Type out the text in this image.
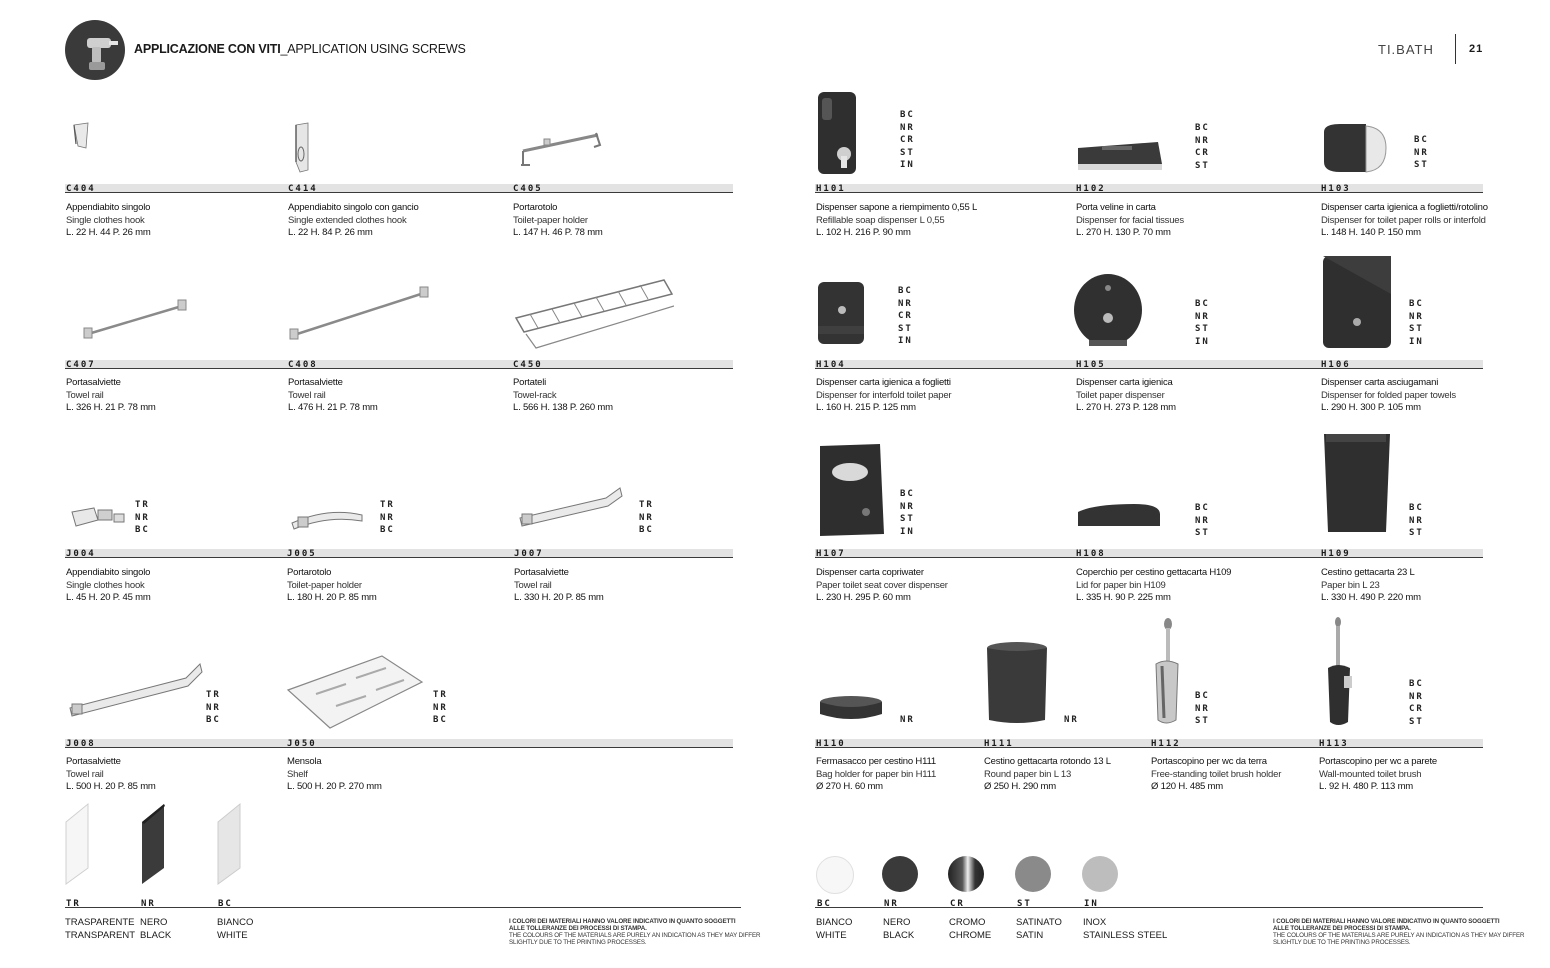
APPLICAZIONE CON VITI_APPLICATION USING SCREWS	TI.BATH	21
C404
Appendiabito singolo
Single clothes hook
L. 22 H. 44 P. 26 mm
C414
Appendiabito singolo con gancio
Single extended clothes hook
L. 22 H. 84 P. 26 mm
C405
Portarotolo
Toilet-paper holder
L. 147 H. 46 P. 78 mm
C407
Portasalviette
Towel rail
L. 326 H. 21 P. 78 mm
C408
Portasalviette
Towel rail
L. 476 H. 21 P. 78 mm
C450
Portateli
Towel-rack
L. 566 H. 138 P. 260 mm
J004
Appendiabito singolo
Single clothes hook
L. 45 H. 20 P. 45 mm
J005
Portarotolo
Toilet-paper holder
L. 180 H. 20 P. 85 mm
J007
Portasalviette
Towel rail
L. 330 H. 20 P. 85 mm
J008
Portasalviette
Towel rail
L. 500 H. 20 P. 85 mm
J050
Mensola
Shelf
L. 500 H. 20 P. 270 mm
TR
NR
BC
TR
NR
BC
TR
NR
BC
TR
NR
BC
TR
NR
BC
H101
Dispenser sapone a riempimento 0,55 L
Refillable soap dispenser L 0,55
L. 102 H. 216 P. 90 mm
H102
Porta veline in carta
Dispenser for facial tissues
L. 270 H. 130 P. 70 mm
H103
Dispenser carta igienica a foglietti/rotolino
Dispenser for toilet paper rolls or interfold
L. 148 H. 140 P. 150 mm
H104
Dispenser carta igienica a foglietti
Dispenser for interfold toilet paper
L. 160 H. 215 P. 125 mm
H105
Dispenser carta igienica
Toilet paper dispenser
L. 270 H. 273 P. 128 mm
H106
Dispenser carta asciugamani
Dispenser for folded paper towels
L. 290 H. 300 P. 105 mm
H107
Dispenser carta copriwater
Paper toilet seat cover dispenser
L. 230 H. 295 P. 60 mm
H108
Coperchio per cestino gettacarta H109
Lid for paper bin H109
L. 335 H. 90 P. 225 mm
H109
Cestino gettacarta 23 L
Paper bin L 23
L. 330 H. 490 P. 220 mm
H110
Fermasacco per cestino H111
Bag holder for paper bin H111
Ø 270 H. 60 mm
H111
Cestino gettacarta rotondo 13 L
Round paper bin L 13
Ø 250 H. 290 mm
H112
Portascopino per wc da terra
Free-standing toilet brush holder
Ø 120 H. 485 mm
H113
Portascopino per wc a parete
Wall-mounted toilet brush
L. 92 H. 480 P. 113 mm
BC
NR
CR
ST
IN
BC
NR
CR
ST
BC
NR
ST
BC
NR
CR
ST
IN
BC
NR
ST
IN
BC
NR
ST
IN
BC
NR
ST
IN
BC
NR
ST
BC
NR
ST
NR	NR
BC
NR
ST
BC
NR
CR
ST
TR	NR	BC
TRASPARENTE
TRANSPARENT
NERO
BLACK
BIANCO
WHITE
I COLORI DEI MATERIALI HANNO VALORE INDICATIVO IN QUANTO SOGGETTI
ALLE TOLLERANZE DEI PROCESSI DI STAMPA.
THE COLOURS OF THE MATERIALS ARE PURELY AN INDICATION AS THEY MAY DIFFER
SLIGHTLY DUE TO THE PRINTING PROCESSES.
BC	NR	CR	ST	IN
BIANCO
WHITE
NERO
BLACK
CROMO
CHROME
SATINATO
SATIN
INOX
STAINLESS STEEL
I COLORI DEI MATERIALI HANNO VALORE INDICATIVO IN QUANTO SOGGETTI
ALLE TOLLERANZE DEI PROCESSI DI STAMPA.
THE COLOURS OF THE MATERIALS ARE PURELY AN INDICATION AS THEY MAY DIFFER
SLIGHTLY DUE TO THE PRINTING PROCESSES.
